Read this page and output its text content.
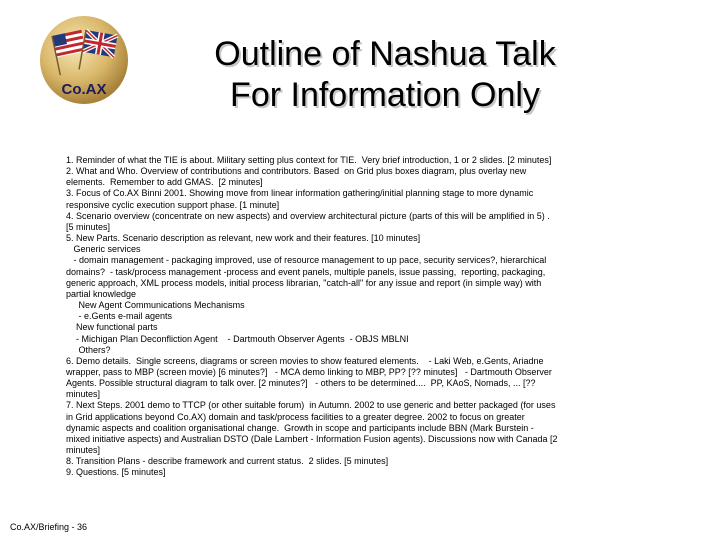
Co.AX
Outline of Nashua Talk
For Information Only
1. Reminder of what the TIE is about. Military setting plus context for TIE.  Very brief introduction, 1 or 2 slides. [2 minutes]
2. What and Who. Overview of contributions and contributors. Based  on Grid plus boxes diagram, plus overlay new
elements.  Remember to add GMAS.  [2 minutes]
3. Focus of Co.AX Binni 2001. Showing move from linear information gathering/initial planning stage to more dynamic
responsive cyclic execution support phase. [1 minute]
4. Scenario overview (concentrate on new aspects) and overview architectural picture (parts of this will be amplified in 5) .
[5 minutes]
5. New Parts. Scenario description as relevant, new work and their features. [10 minutes]
Generic services
- domain management - packaging improved, use of resource management to up pace, security services?, hierarchical
domains?  - task/process management -process and event panels, multiple panels, issue passing,  reporting, packaging,
generic approach, XML process models, initial process librarian, "catch-all" for any issue and report (in simple way) with
partial knowledge
New Agent Communications Mechanisms
- e.Gents e-mail agents
New functional parts
- Michigan Plan Deconfliction Agent    - Dartmouth Observer Agents  - OBJS MBLNI
Others?
6. Demo details.  Single screens, diagrams or screen movies to show featured elements.    - Laki Web, e.Gents, Ariadne
wrapper, pass to MBP (screen movie) [6 minutes?]   - MCA demo linking to MBP, PP? [?? minutes]   - Dartmouth Observer
Agents. Possible structural diagram to talk over. [2 minutes?]   - others to be determined....  PP, KAoS, Nomads, ... [??
minutes]
7. Next Steps. 2001 demo to TTCP (or other suitable forum)  in Autumn. 2002 to use generic and better packaged (for uses
in Grid applications beyond Co.AX) domain and task/process facilities to a greater degree. 2002 to focus on greater
dynamic aspects and coalition organisational change.  Growth in scope and participants include BBN (Mark Burstein -
mixed initiative aspects) and Australian DSTO (Dale Lambert - Information Fusion agents). Discussions now with Canada [2
minutes]
8. Transition Plans - describe framework and current status.  2 slides. [5 minutes]
9. Questions. [5 minutes]
Co.AX/Briefing - 36
